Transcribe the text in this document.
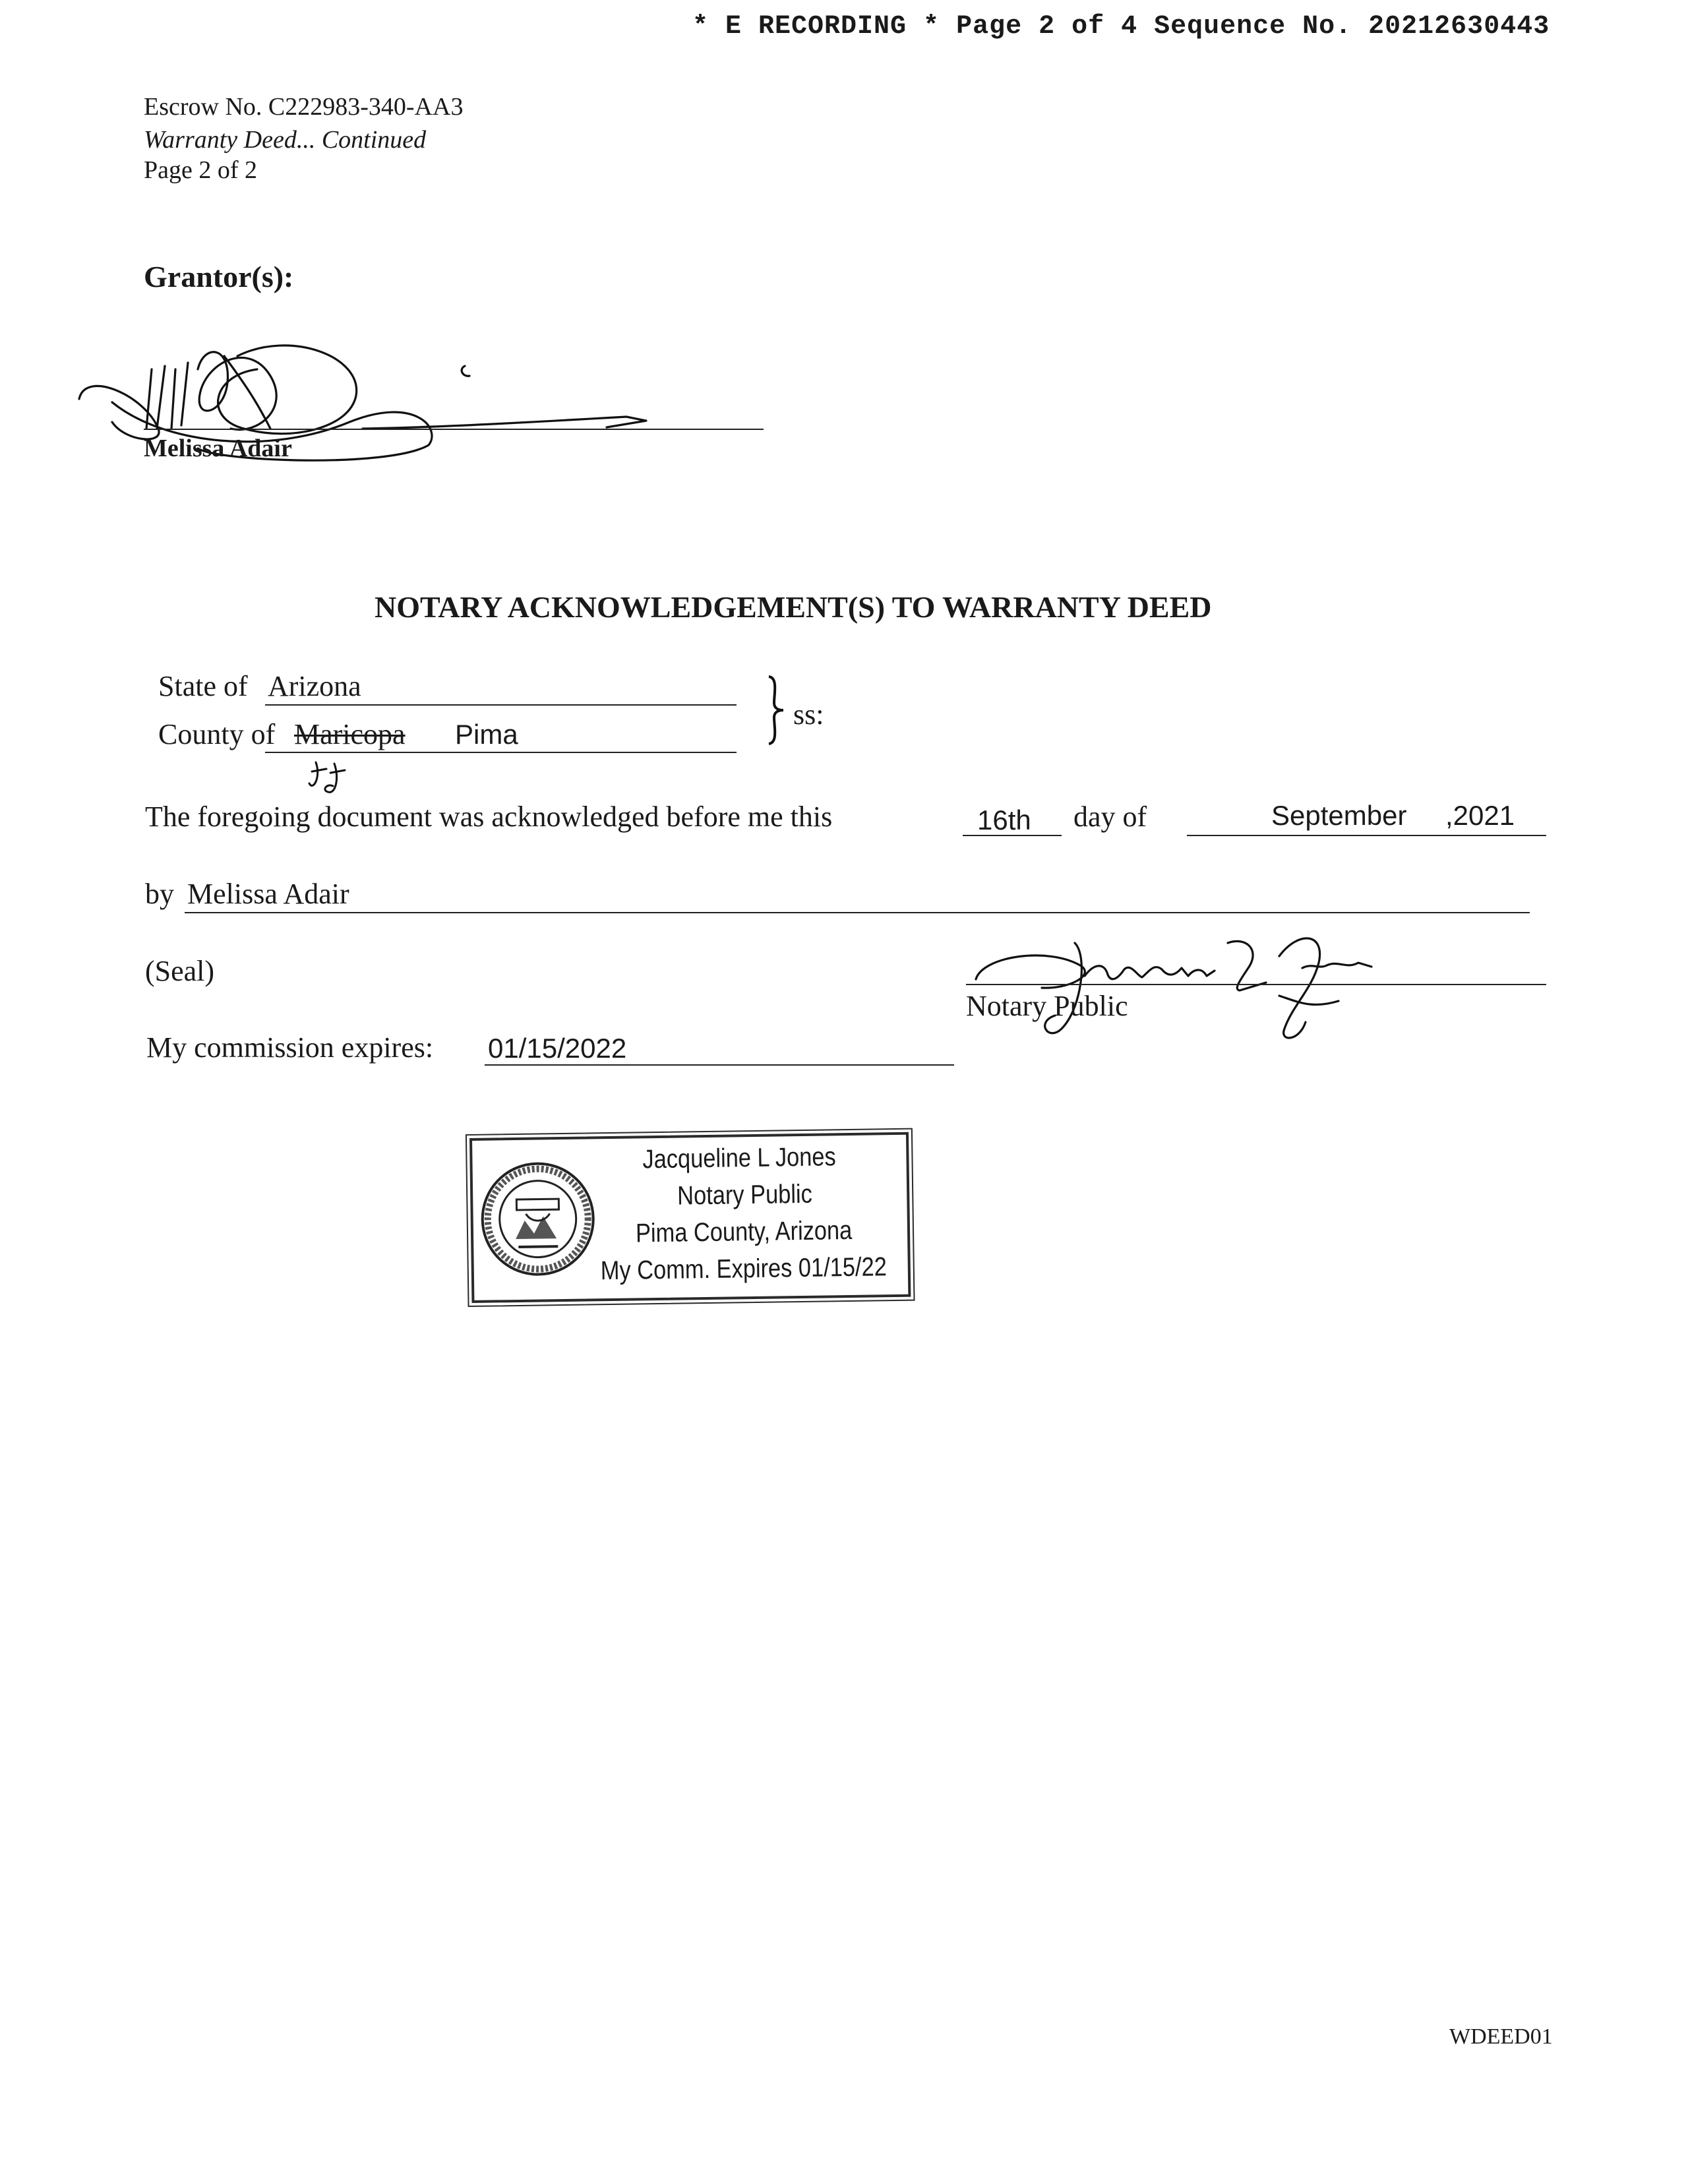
* E RECORDING * Page 2 of 4 Sequence No. 20212630443
Escrow No. C222983-340-AA3
Warranty Deed... Continued
Page 2 of 2
Grantor(s):
Melissa Adair
NOTARY ACKNOWLEDGEMENT(S) TO WARRANTY DEED
State of Arizona
County of Maricopa Pima
ss:
The foregoing document was acknowledged before me this	16th day of	September ,2021
by Melissa Adair
(Seal)
Notary Public
My commission expires: 01/15/2022
Jacqueline L Jones
Notary Public
Pima County, Arizona
My Comm. Expires 01/15/22
WDEED01
